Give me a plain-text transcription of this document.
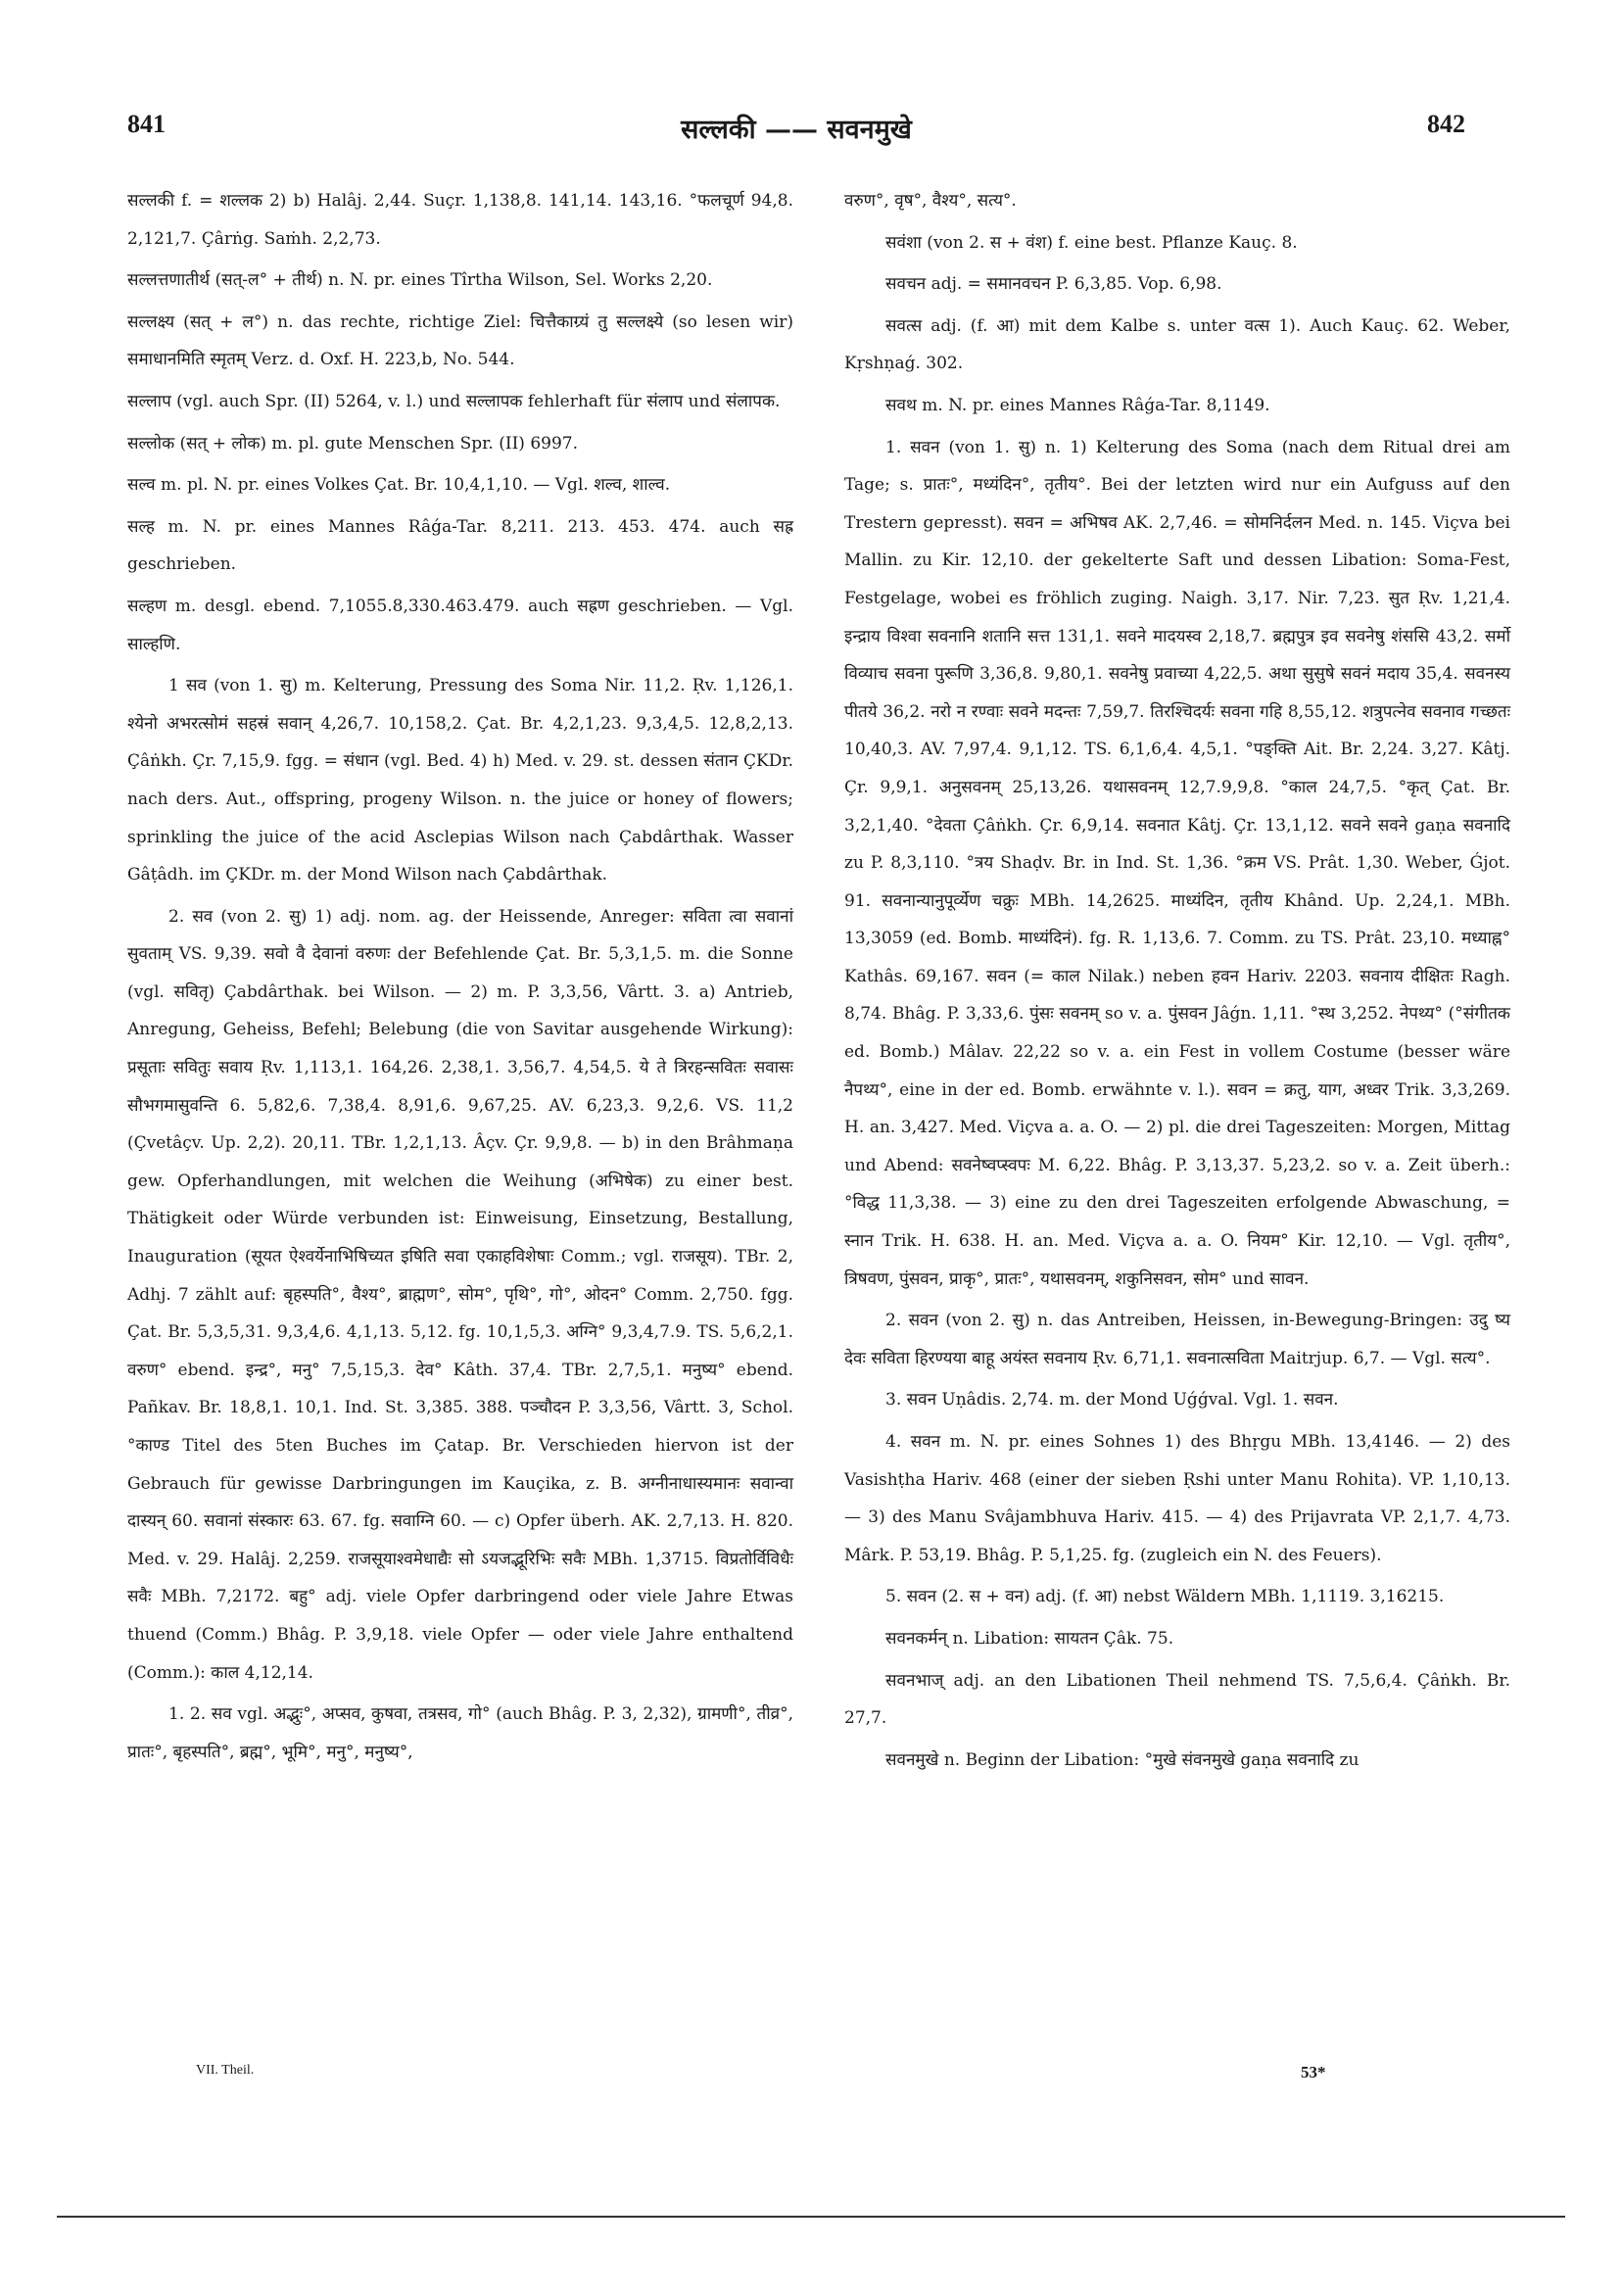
841	सल्लकी —— सवनमुखे	842

सल्लकी f. = शल्लक 2) b) Halâj. 2,44. Suçr. 1,138,8. 141,14. 143,16. °फलचूर्ण 94,8. 2,121,7. Çârṅg. Saṁh. 2,2,73.

सल्लत्तणातीर्थ (सत्-ल° + तीर्थ) n. N. pr. eines Tîrtha Wilson, Sel. Works 2,20.

सल्लक्ष्य (सत् + ल°) n. das rechte, richtige Ziel: चित्तैकाग्र्यं तु सल्लक्ष्ये (so lesen wir) समाधानमिति स्मृतम् Verz. d. Oxf. H. 223,b, No. 544.

सल्लाप (vgl. auch Spr. (II) 5264, v. l.) und सल्लापक fehlerhaft für संलाप und संलापक.

सल्लोक (सत् + लोक) m. pl. gute Menschen Spr. (II) 6997.

सल्व m. pl. N. pr. eines Volkes Çat. Br. 10,4,1,10. — Vgl. शल्व, शाल्व.

सल्ह m. N. pr. eines Mannes Râǵa-Tar. 8,211. 213. 453. 474. auch सह्र geschrieben.

सल्हण m. desgl. ebend. 7,1055.8,330.463.479. auch सह्रण geschrieben. — Vgl. साल्हणि.

1 सव (von 1. सु) m. Kelterung, Pressung des Soma Nir. 11,2. Ṛv. 1,126,1. श्येनो अभरत्सोमं सहस्रं सवान् 4,26,7. 10,158,2. Çat. Br. 4,2,1,23. 9,3,4,5. 12,8,2,13. Çâṅkh. Çr. 7,15,9. fgg. = संधान (vgl. Bed. 4) h) Med. v. 29. st. dessen संतान ÇKDr. nach ders. Aut., offspring, progeny Wilson. n. the juice or honey of flowers; sprinkling the juice of the acid Asclepias Wilson nach Çabdârthak. Wasser Gâṭâdh. im ÇKDr. m. der Mond Wilson nach Çabdârthak.

2. सव (von 2. सु) 1) adj. nom. ag. der Heissende, Anreger: सविता त्वा सवानां सुवताम् VS. 9,39. सवो वै देवानां वरुणः der Befehlende Çat. Br. 5,3,1,5. m. die Sonne (vgl. सवितृ) Çabdârthak. bei Wilson. — 2) m. P. 3,3,56, Vârtt. 3. a) Antrieb, Anregung, Geheiss, Befehl; Belebung (die von Savitar ausgehende Wirkung): प्रसूताः सवितुः सवाय Ṛv. 1,113,1. 164,26. 2,38,1. 3,56,7. 4,54,5. ये ते त्रिरहन्सवितः सवासः सौभगमासुवन्ति 6. 5,82,6. 7,38,4. 8,91,6. 9,67,25. AV. 6,23,3. 9,2,6. VS. 11,2 (Çvetâçv. Up. 2,2). 20,11. TBr. 1,2,1,13. Âçv. Çr. 9,9,8. — b) in den Brâhmaṇa gew. Opferhandlungen, mit welchen die Weihung (अभिषेक) zu einer best. Thätigkeit oder Würde verbunden ist: Einweisung, Einsetzung, Bestallung, Inauguration (सूयत ऐश्वर्येनाभिषिच्यत इषिति सवा एकाहविशेषाः Comm.; vgl. राजसूय). TBr. 2, Adhj. 7 zählt auf: बृहस्पति°, वैश्य°, ब्राह्मण°, सोम°, पृथि°, गो°, ओदन° Comm. 2,750. fgg. Çat. Br. 5,3,5,31. 9,3,4,6. 4,1,13. 5,12. fg. 10,1,5,3. अग्नि° 9,3,4,7.9. TS. 5,6,2,1. वरुण° ebend. इन्द्र°, मनु° 7,5,15,3. देव° Kâth. 37,4. TBr. 2,7,5,1. मनुष्य° ebend. Pañkav. Br. 18,8,1. 10,1. Ind. St. 3,385. 388. पञ्चौदन P. 3,3,56, Vârtt. 3, Schol. °काण्ड Titel des 5ten Buches im Çatap. Br. Verschieden hiervon ist der Gebrauch für gewisse Darbringungen im Kauçika, z. B. अग्नीनाधास्यमानः सवान्वा दास्यन् 60. सवानां संस्कारः 63. 67. fg. सवाग्नि 60. — c) Opfer überh. AK. 2,7,13. H. 820. Med. v. 29. Halâj. 2,259. राजसूयाश्वमेधाद्यैः सो ऽयजद्भूरिभिः सवैः MBh. 1,3715. विप्रतोर्विविधैः सवैः MBh. 7,2172. बहु° adj. viele Opfer darbringend oder viele Jahre Etwas thuend (Comm.) Bhâg. P. 3,9,18. viele Opfer — oder viele Jahre enthaltend (Comm.): काल 4,12,14.

1. 2. सव vgl. अद्भुः°, अप्सव, कुषवा, तत्रसव, गो° (auch Bhâg. P. 3, 2,32), ग्रामणी°, तीव्र°, प्रातः°, बृहस्पति°, ब्रह्म°, भूमि°, मनु°, मनुष्य°,

वरुण°, वृष°, वैश्य°, सत्य°.

सवंशा (von 2. स + वंश) f. eine best. Pflanze Kauç. 8.

सवचन adj. = समानवचन P. 6,3,85. Vop. 6,98.

सवत्स adj. (f. आ) mit dem Kalbe s. unter वत्स 1). Auch Kauç. 62. Weber, Kṛshṇaǵ. 302.

सवथ m. N. pr. eines Mannes Râǵa-Tar. 8,1149.

1. सवन (von 1. सु) n. 1) Kelterung des Soma (nach dem Ritual drei am Tage; s. प्रातः°, मध्यंदिन°, तृतीय°. Bei der letzten wird nur ein Aufguss auf den Trestern gepresst). सवन = अभिषव AK. 2,7,46. = सोमनिर्दलन Med. n. 145. Viçva bei Mallin. zu Kir. 12,10. der gekelterte Saft und dessen Libation: Soma-Fest, Festgelage, wobei es fröhlich zuging. Naigh. 3,17. Nir. 7,23. सुत Ṛv. 1,21,4. इन्द्राय विश्वा सवनानि शतानि सत्त 131,1. सवने मादयस्व 2,18,7. ब्रह्मपुत्र इव सवनेषु शंससि 43,2. सर्मो विव्याच सवना पुरूणि 3,36,8. 9,80,1. सवनेषु प्रवाच्या 4,22,5. अथा सुसुषे सवनं मदाय 35,4. सवनस्य पीतये 36,2. नरो न रण्वाः सवने मदन्तः 7,59,7. तिरश्चिदर्यः सवना गहि 8,55,12. शत्रुपत्नेव सवनाव गच्छतः 10,40,3. AV. 7,97,4. 9,1,12. TS. 6,1,6,4. 4,5,1. °पङ्क्ति Ait. Br. 2,24. 3,27. Kâtj. Çr. 9,9,1. अनुसवनम् 25,13,26. यथासवनम् 12,7.9,9,8. °काल 24,7,5. °कृत् Çat. Br. 3,2,1,40. °देवता Çâṅkh. Çr. 6,9,14. सवनात Kâtj. Çr. 13,1,12. सवने सवने gaṇa सवनादि zu P. 8,3,110. °त्रय Shaḍv. Br. in Ind. St. 1,36. °क्रम VS. Prât. 1,30. Weber, Ǵjot. 91. सवनान्यानुपूर्व्येण चक्रुः MBh. 14,2625. माध्यंदिन, तृतीय Khând. Up. 2,24,1. MBh. 13,3059 (ed. Bomb. माध्यंदिनं). fg. R. 1,13,6. 7. Comm. zu TS. Prât. 23,10. मध्याह्न° Kathâs. 69,167. सवन (= काल Nilak.) neben हवन Hariv. 2203. सवनाय दीक्षितः Ragh. 8,74. Bhâg. P. 3,33,6. पुंसः सवनम् so v. a. पुंसवन Jâǵn. 1,11. °स्थ 3,252. नेपथ्य° (°संगीतक ed. Bomb.) Mâlav. 22,22 so v. a. ein Fest in vollem Costume (besser wäre नैपथ्य°, eine in der ed. Bomb. erwähnte v. l.). सवन = क्रतु, याग, अध्वर Trik. 3,3,269. H. an. 3,427. Med. Viçva a. a. O. — 2) pl. die drei Tageszeiten: Morgen, Mittag und Abend: सवनेष्वप्स्वपः M. 6,22. Bhâg. P. 3,13,37. 5,23,2. so v. a. Zeit überh.: °विद्ध 11,3,38. — 3) eine zu den drei Tageszeiten erfolgende Abwaschung, = स्नान Trik. H. 638. H. an. Med. Viçva a. a. O. नियम° Kir. 12,10. — Vgl. तृतीय°, त्रिषवण, पुंसवन, प्राकृ°, प्रातः°, यथासवनम्, शकुनिसवन, सोम° und सावन.

2. सवन (von 2. सु) n. das Antreiben, Heissen, in-Bewegung-Bringen: उदु ष्य देवः सविता हिरण्यया बाहू अयंस्त सवनाय Ṛv. 6,71,1. सवनात्सविता Maitrjup. 6,7. — Vgl. सत्य°.

3. सवन Uṇâdis. 2,74. m. der Mond Uǵǵval. Vgl. 1. सवन.

4. सवन m. N. pr. eines Sohnes 1) des Bhṛgu MBh. 13,4146. — 2) des Vasishṭha Hariv. 468 (einer der sieben Ṛshi unter Manu Rohita). VP. 1,10,13. — 3) des Manu Svâjambhuva Hariv. 415. — 4) des Prijavrata VP. 2,1,7. 4,73. Mârk. P. 53,19. Bhâg. P. 5,1,25. fg. (zugleich ein N. des Feuers).

5. सवन (2. स + वन) adj. (f. आ) nebst Wäldern MBh. 1,1119. 3,16215.

सवनकर्मन् n. Libation: सायतन Çâk. 75.

सवनभाज् adj. an den Libationen Theil nehmend TS. 7,5,6,4. Çâṅkh. Br. 27,7.

सवनमुखे n. Beginn der Libation: °मुखे संवनमुखे gaṇa सवनादि zu

VII. Theil.	53*
